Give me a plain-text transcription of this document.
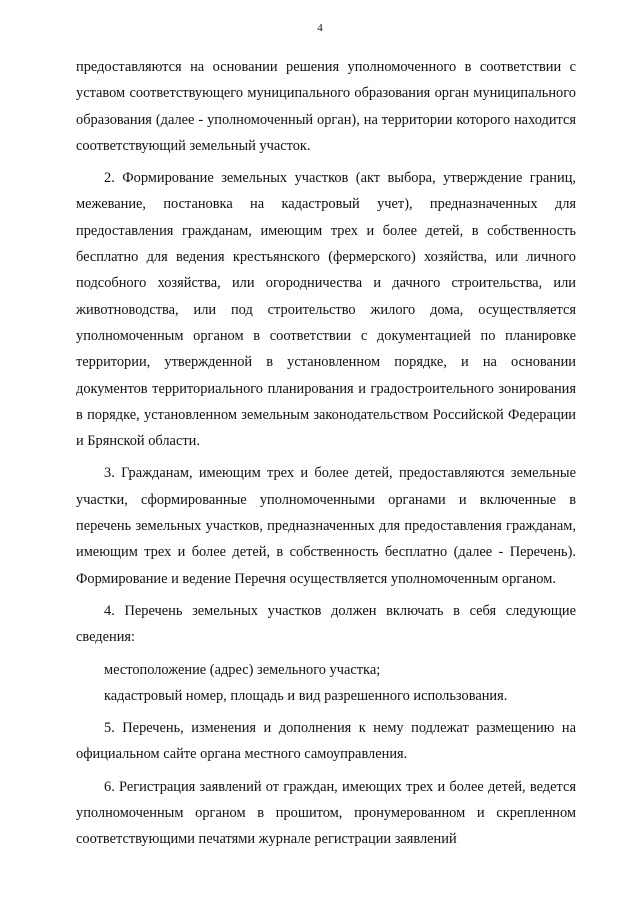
4

предоставляются на основании решения уполномоченного в соответствии с уставом соответствующего муниципального образования орган муниципального образования (далее - уполномоченный орган), на территории которого находится соответствующий земельный участок.

2. Формирование земельных участков (акт выбора, утверждение границ, межевание, постановка на кадастровый учет), предназначенных для предоставления гражданам, имеющим трех и более детей, в собственность бесплатно для ведения крестьянского (фермерского) хозяйства, или личного подсобного хозяйства, или огородничества и дачного строительства, или животноводства, или под строительство жилого дома, осуществляется уполномоченным органом в соответствии с документацией по планировке территории, утвержденной в установленном порядке, и на основании документов территориального планирования и градостроительного зонирования в порядке, установленном земельным законодательством Российской Федерации и Брянской области.

3. Гражданам, имеющим трех и более детей, предоставляются земельные участки, сформированные уполномоченными органами и включенные в перечень земельных участков, предназначенных для предоставления гражданам, имеющим трех и более детей, в собственность бесплатно (далее - Перечень). Формирование и ведение Перечня осуществляется уполномоченным органом.

4. Перечень земельных участков должен включать в себя следующие сведения:

местоположение (адрес) земельного участка;

кадастровый номер, площадь и вид разрешенного использования.

5. Перечень, изменения и дополнения к нему подлежат размещению на официальном сайте органа местного самоуправления.

6. Регистрация заявлений от граждан, имеющих трех и более детей, ведется уполномоченным органом в прошитом, пронумерованном и скрепленном соответствующими печатями журнале регистрации заявлений
